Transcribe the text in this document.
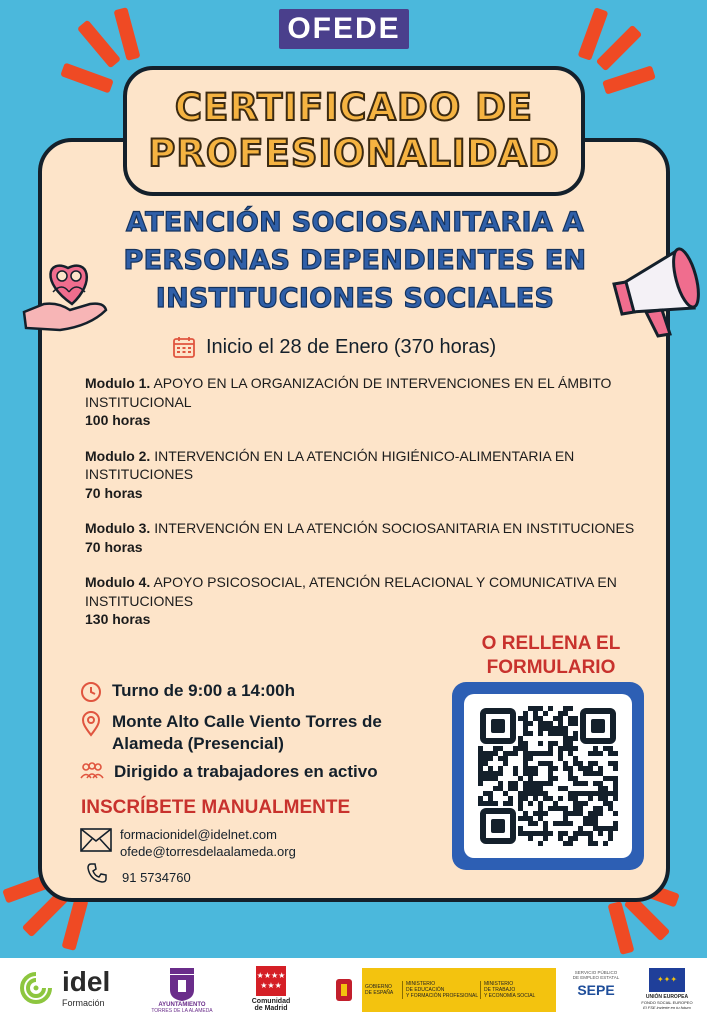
OFEDE
CERTIFICADO DE
PROFESIONALIDAD
ATENCIÓN SOCIOSANITARIA A
PERSONAS DEPENDIENTES EN
INSTITUCIONES SOCIALES
Inicio el 28 de Enero (370 horas)
Modulo 1. APOYO EN LA ORGANIZACIÓN DE INTERVENCIONES EN EL ÁMBITO INSTITUCIONAL
100 horas
Modulo 2. INTERVENCIÓN EN LA ATENCIÓN HIGIÉNICO-ALIMENTARIA EN INSTITUCIONES
70 horas
Modulo 3. INTERVENCIÓN EN LA ATENCIÓN SOCIOSANITARIA EN INSTITUCIONES
70 horas
Modulo 4. APOYO PSICOSOCIAL, ATENCIÓN RELACIONAL Y COMUNICATIVA EN INSTITUCIONES
130 horas
Turno de 9:00 a 14:00h
Monte Alto Calle Viento Torres de
Alameda (Presencial)
Dirigido a trabajadores en activo
INSCRÍBETE MANUALMENTE
formacionidel@idelnet.com
ofede@torresdelaalameda.org
91 5734760
O RELLENA EL
FORMULARIO
idel
Formación	AYUNTAMIENTO
TORRES DE LA ALAMEDA
★★★★
★★★
Comunidad
de Madrid
GOBIERNO
DE ESPAÑA
MINISTERIO
DE EDUCACIÓN
Y FORMACIÓN PROFESIONAL
MINISTERIO
DE TRABAJO
Y ECONOMÍA SOCIAL
SERVICIO PÚBLICO
DE EMPLEO ESTATAL
SEPE
✦✦✦
UNIÓN EUROPEA
FONDO SOCIAL EUROPEO
El FSE invierte en tu futuro
